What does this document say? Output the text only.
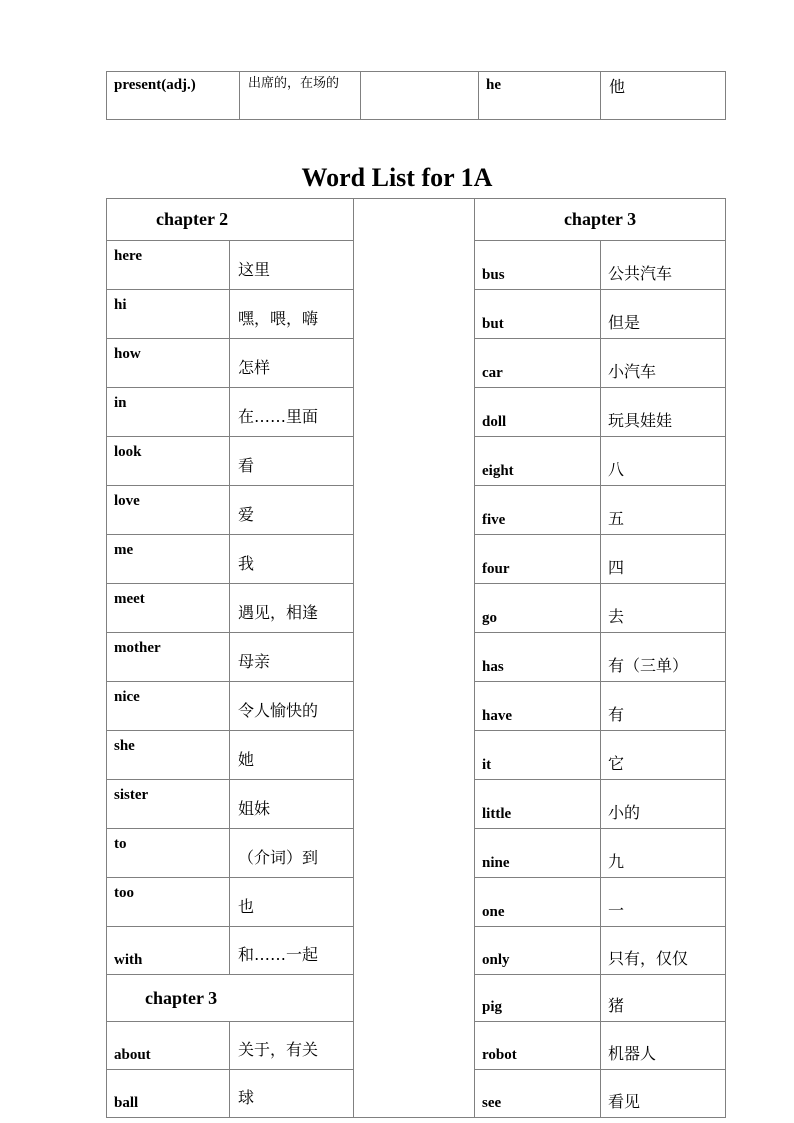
present(adj.)	出席的，在场的		he	他
Word List for 1A
chapter 2			chapter 3	
here	这里		bus	公共汽车
hi	嘿，喂，嗨		but	但是
how	怎样		car	小汽车
in	在……里面		doll	玩具娃娃
look	看		eight	八
love	爱		five	五
me	我		four	四
meet	遇见，相逢		go	去
mother	母亲		has	有（三单）
nice	令人愉快的		have	有
she	她		it	它
sister	姐妹		little	小的
to	（介词）到		nine	九
too	也		one	一
with	和……一起		only	只有，仅仅
chapter 3			pig	猪
about	关于，有关		robot	机器人
ball	球		see	看见
